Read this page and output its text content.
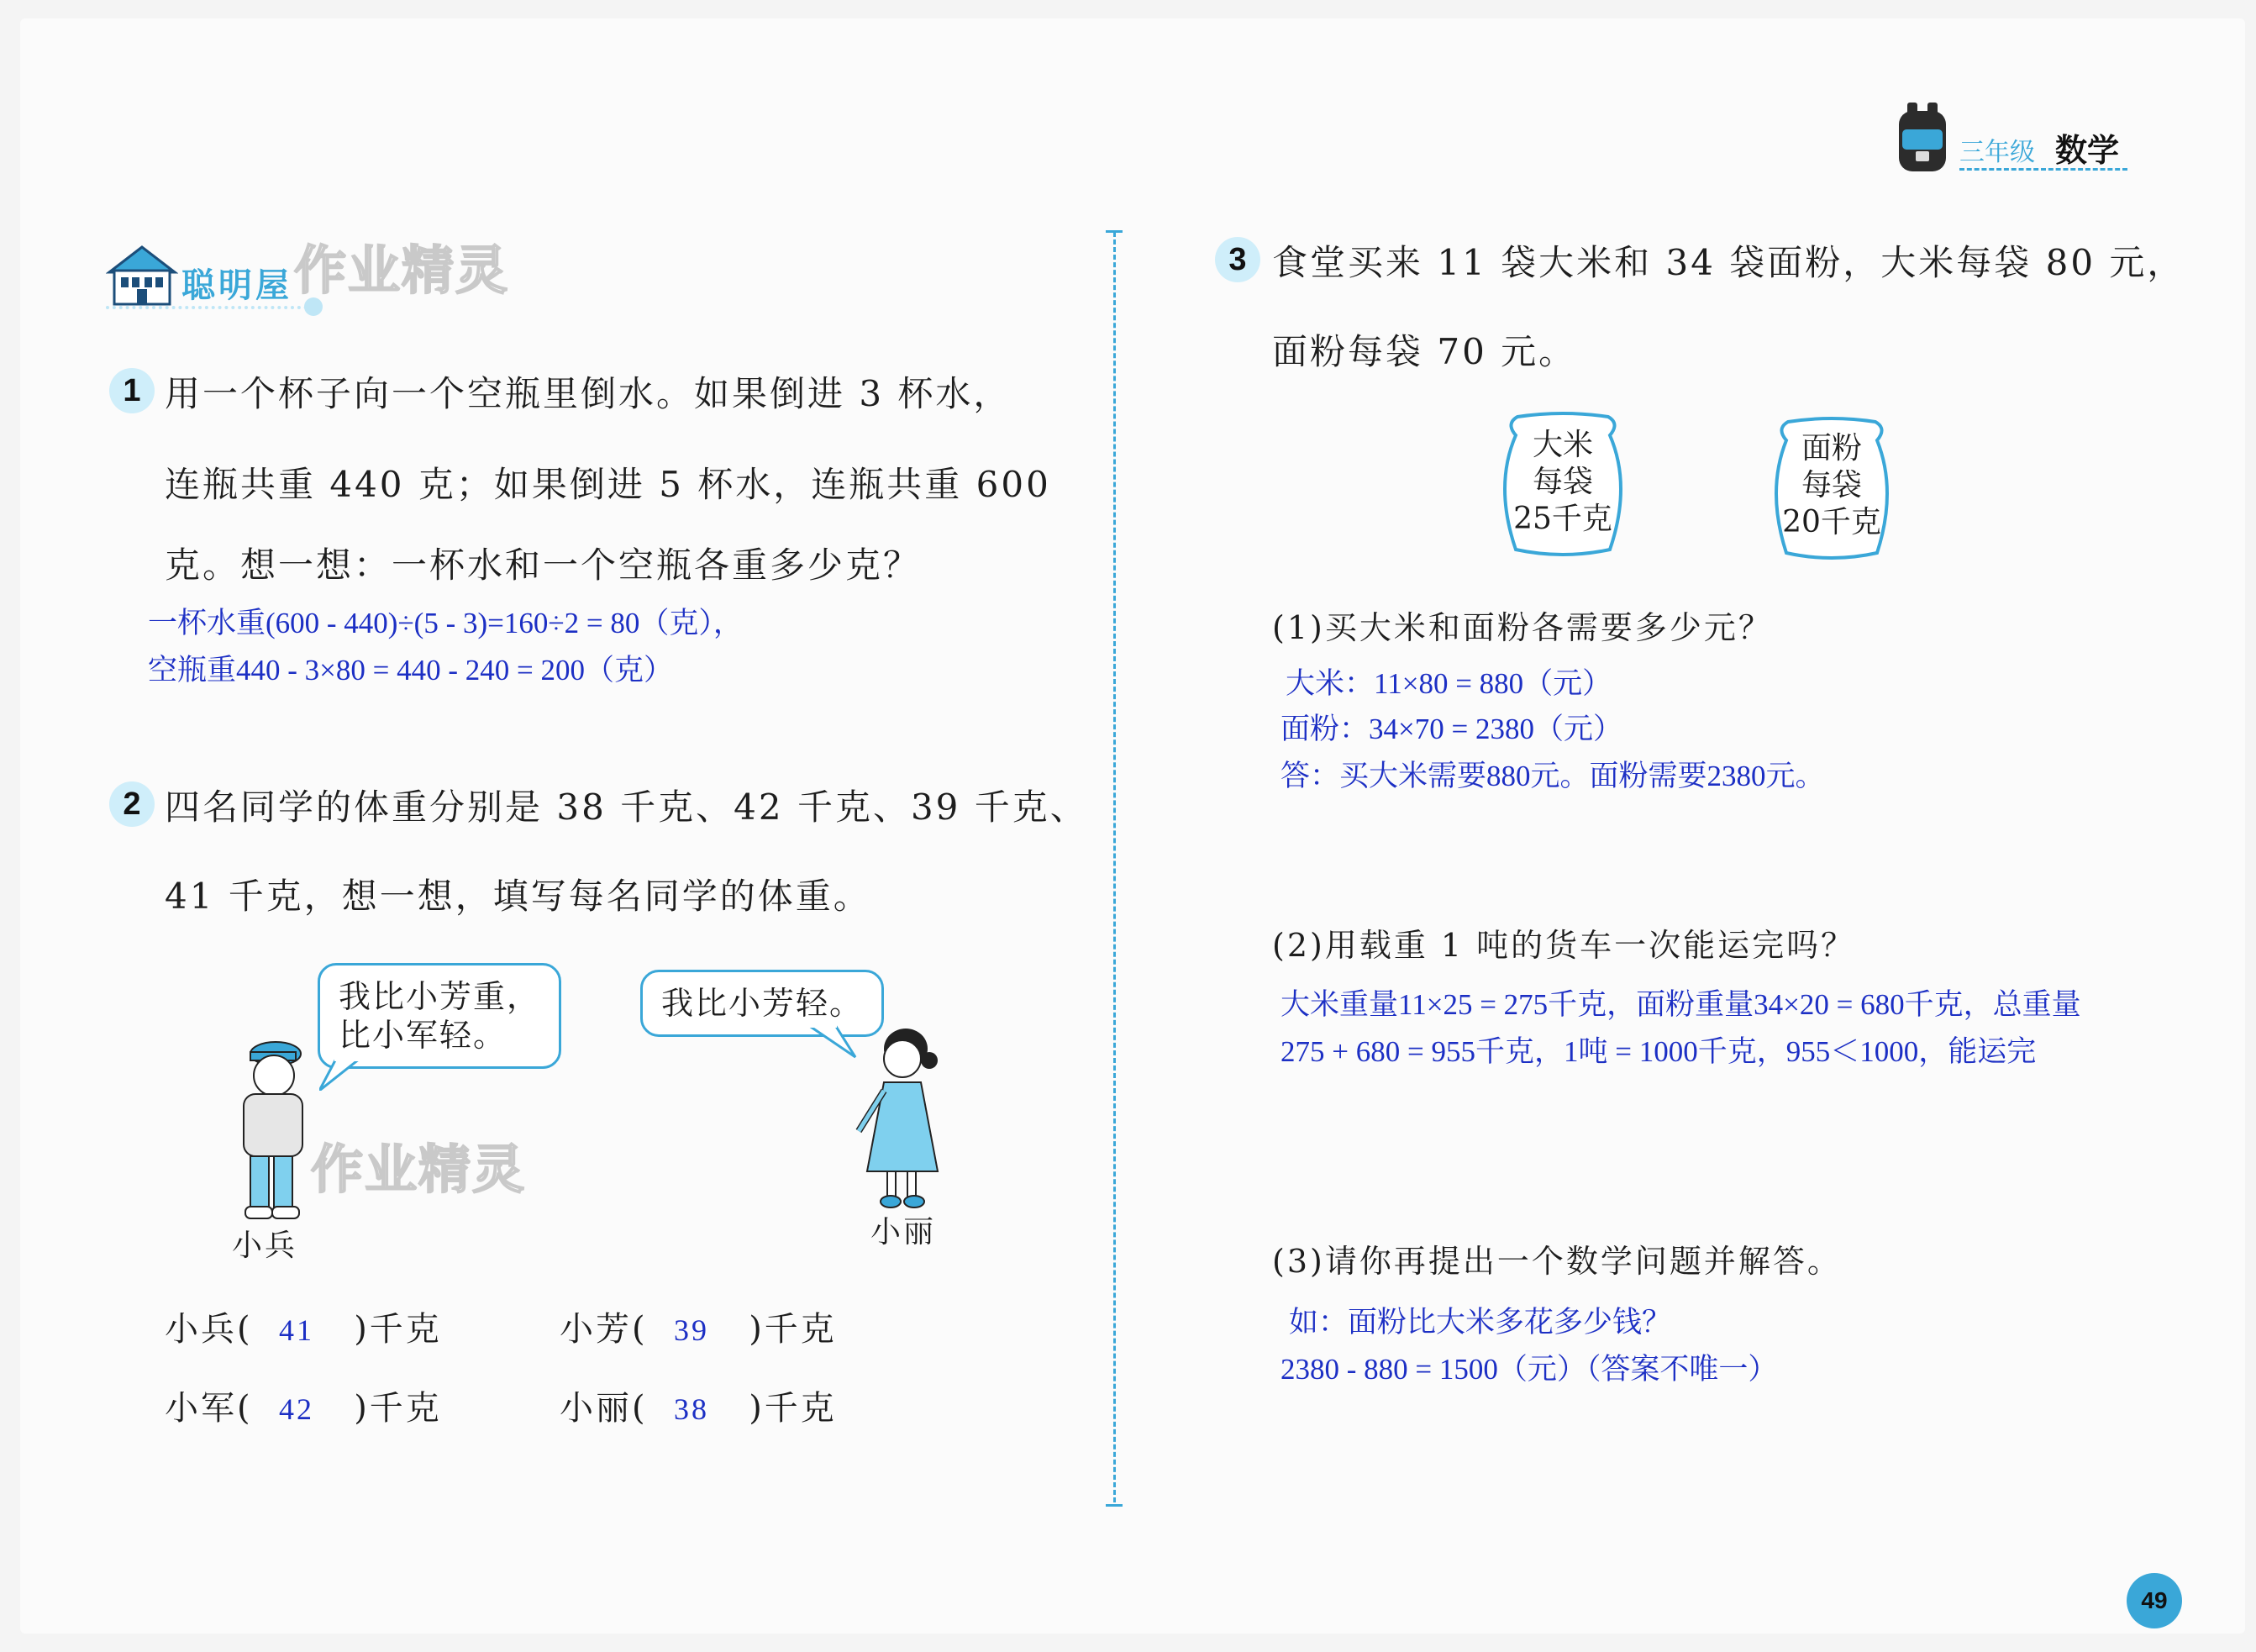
三年级 数学
聪明屋 作业精灵
1 用一个杯子向一个空瓶里倒水。如果倒进 3 杯水，
连瓶共重 440 克；如果倒进 5 杯水，连瓶共重 600
克。想一想：一杯水和一个空瓶各重多少克？
一杯水重(600 - 440)÷(5 - 3)=160÷2 = 80（克），
空瓶重440 - 3×80 = 440 - 240 = 200（克）
2 四名同学的体重分别是 38 千克、42 千克、39 千克、
41 千克，想一想，填写每名同学的体重。
我比小芳重，
比小军轻。
我比小芳轻。
作业精灵
小兵	小丽
小兵(  41   )千克	小芳(  39   )千克
小军(  42   )千克	小丽(  38   )千克
3 食堂买来 11 袋大米和 34 袋面粉，大米每袋 80 元，
面粉每袋 70 元。
大米
每袋
25千克
面粉
每袋
20千克
(1)买大米和面粉各需要多少元？
大米：11×80 = 880（元）
面粉：34×70 = 2380（元）
答：买大米需要880元。面粉需要2380元。
(2)用载重 1 吨的货车一次能运完吗？
大米重量11×25 = 275千克，面粉重量34×20 = 680千克，总重量
275 + 680 = 955千克，1吨 = 1000千克，955＜1000，能运完
(3)请你再提出一个数学问题并解答。
如：面粉比大米多花多少钱？
2380 - 880 = 1500（元）（答案不唯一）
49
